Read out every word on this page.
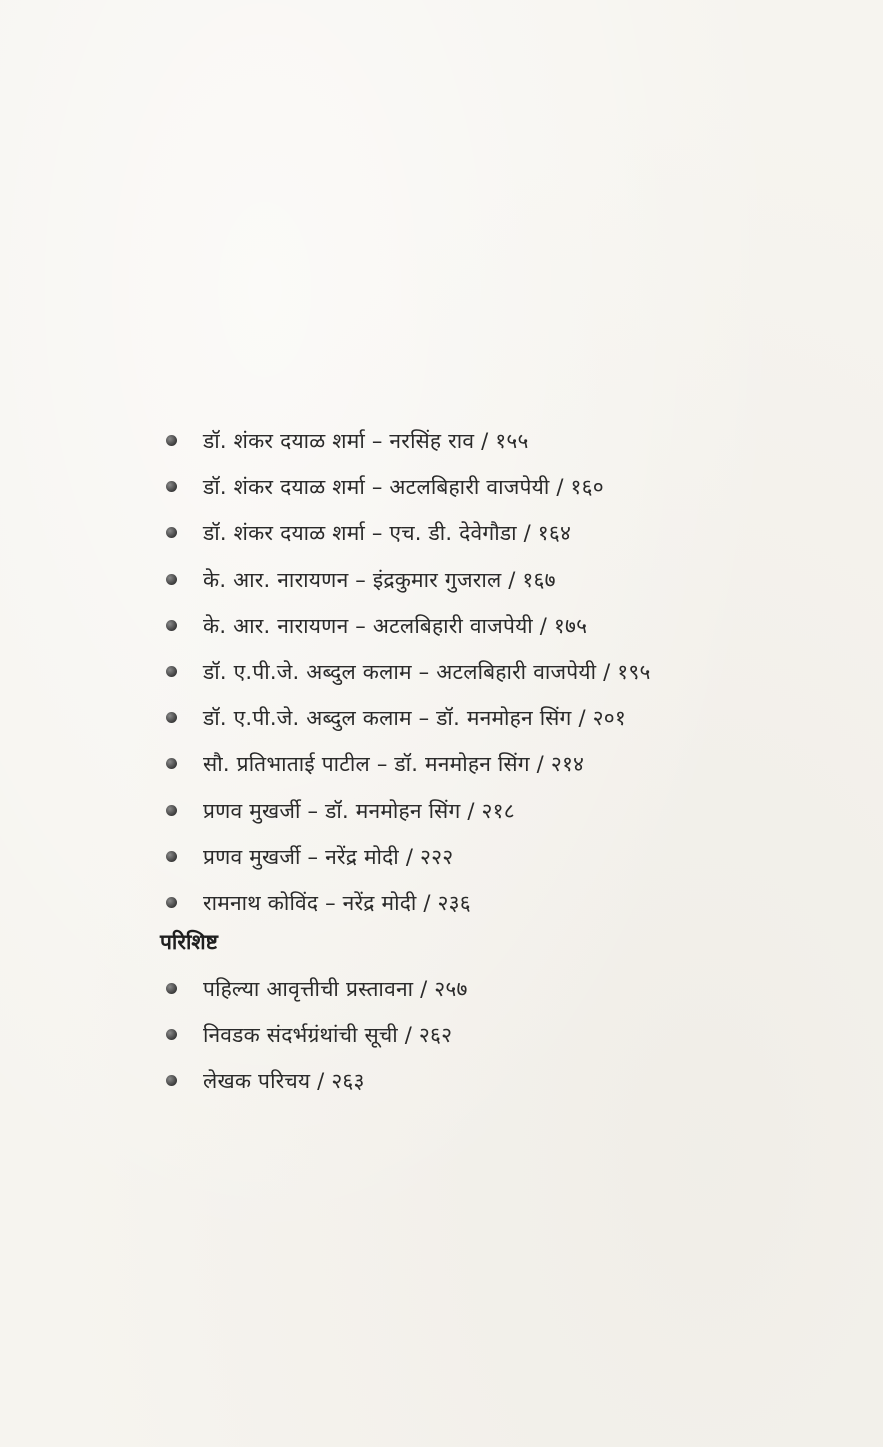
डॉ. शंकर दयाळ शर्मा – नरसिंह राव / १५५
डॉ. शंकर दयाळ शर्मा – अटलबिहारी वाजपेयी / १६०
डॉ. शंकर दयाळ शर्मा – एच. डी. देवेगौडा / १६४
के. आर. नारायणन – इंद्रकुमार गुजराल / १६७
के. आर. नारायणन – अटलबिहारी वाजपेयी / १७५
डॉ. ए.पी.जे. अब्दुल कलाम – अटलबिहारी वाजपेयी / १९५
डॉ. ए.पी.जे. अब्दुल कलाम – डॉ. मनमोहन सिंग / २०१
सौ. प्रतिभाताई पाटील – डॉ. मनमोहन सिंग / २१४
प्रणव मुखर्जी – डॉ. मनमोहन सिंग / २१८
प्रणव मुखर्जी – नरेंद्र मोदी / २२२
रामनाथ कोविंद – नरेंद्र मोदी / २३६
परिशिष्ट
पहिल्या आवृत्तीची प्रस्तावना / २५७
निवडक संदर्भग्रंथांची सूची / २६२
लेखक परिचय / २६३
